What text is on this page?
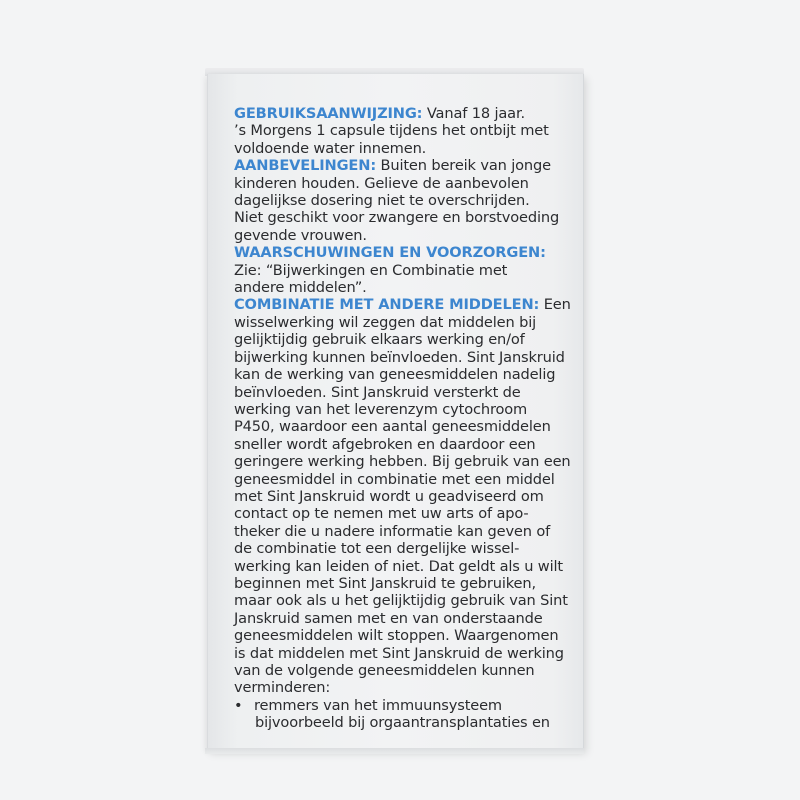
GEBRUIKSAANWIJZING: Vanaf 18 jaar.
’s Morgens 1 capsule tijdens het ontbijt met
voldoende water innemen.
AANBEVELINGEN: Buiten bereik van jonge
kinderen houden. Gelieve de aanbevolen
dagelijkse dosering niet te overschrijden.
Niet geschikt voor zwangere en borstvoeding
gevende vrouwen.
WAARSCHUWINGEN EN VOORZORGEN:
Zie: “Bijwerkingen en Combinatie met
andere middelen”.
COMBINATIE MET ANDERE MIDDELEN: Een
wisselwerking wil zeggen dat middelen bij
gelijktijdig gebruik elkaars werking en/of
bijwerking kunnen beïnvloeden. Sint Janskruid
kan de werking van geneesmiddelen nadelig
beïnvloeden. Sint Janskruid versterkt de
werking van het leverenzym cytochroom
P450, waardoor een aantal geneesmiddelen
sneller wordt afgebroken en daardoor een
geringere werking hebben. Bij gebruik van een
geneesmiddel in combinatie met een middel
met Sint Janskruid wordt u geadviseerd om
contact op te nemen met uw arts of apo-
theker die u nadere informatie kan geven of
de combinatie tot een dergelijke wissel-
werking kan leiden of niet. Dat geldt als u wilt
beginnen met Sint Janskruid te gebruiken,
maar ook als u het gelijktijdig gebruik van Sint
Janskruid samen met en van onderstaande
geneesmiddelen wilt stoppen. Waargenomen
is dat middelen met Sint Janskruid de werking
van de volgende geneesmiddelen kunnen
verminderen:
• remmers van het immuunsysteem
bijvoorbeeld bij orgaantransplantaties en
